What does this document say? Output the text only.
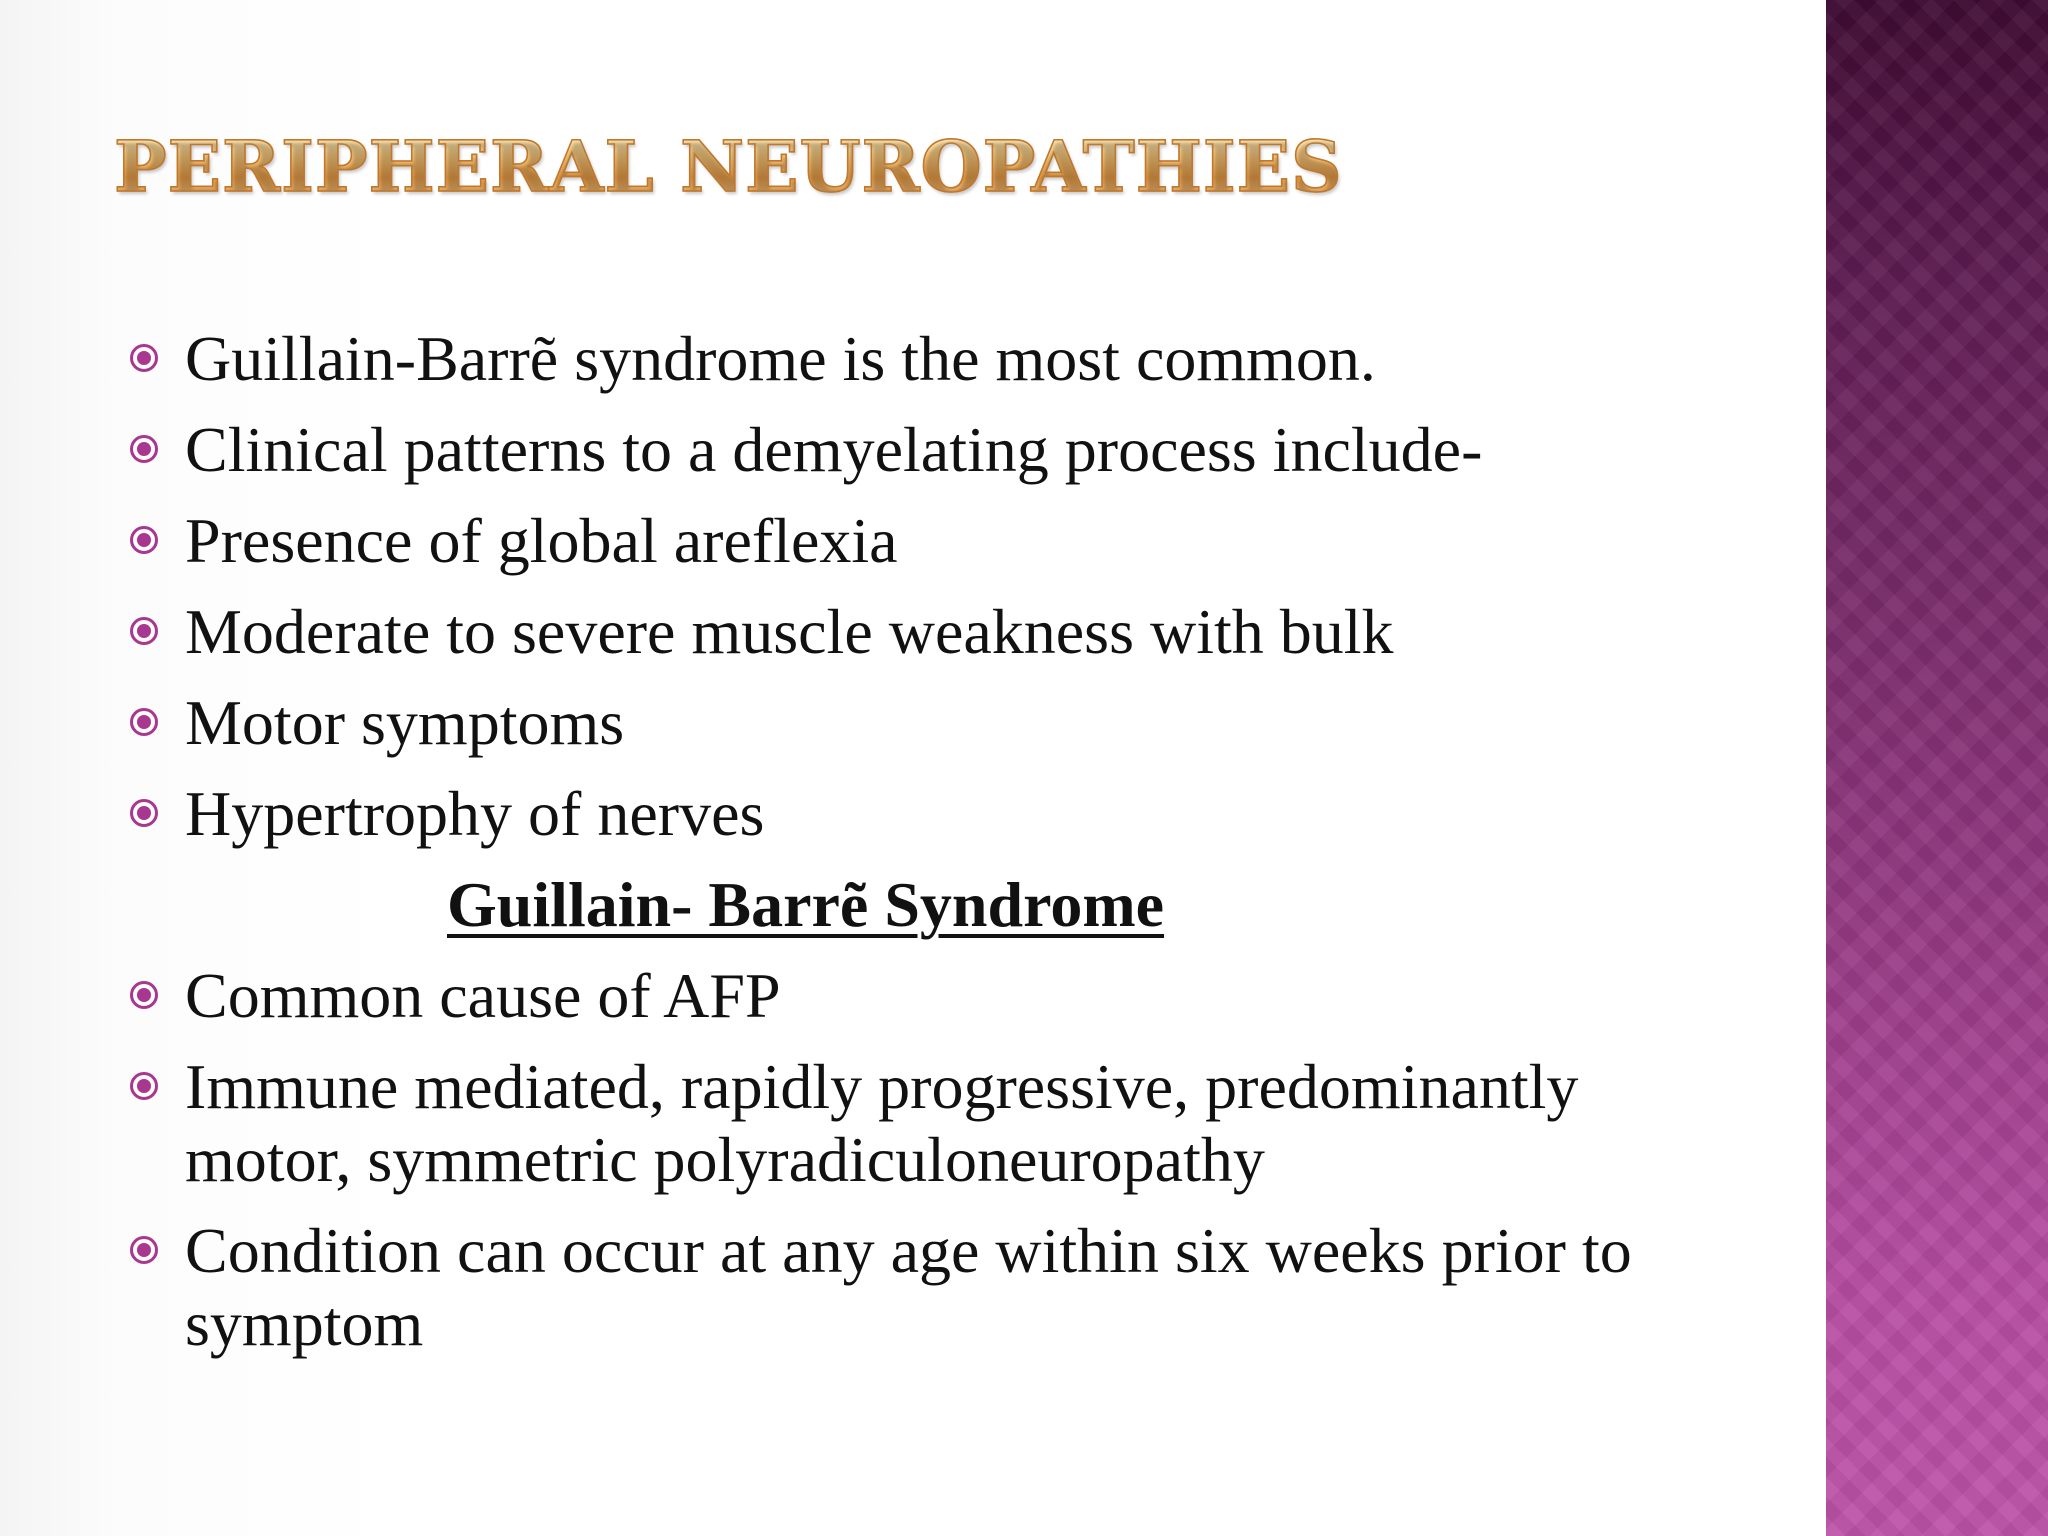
PERIPHERAL NEUROPATHIES
Guillain-Barrẽ syndrome is the most common.
Clinical patterns to a demyelating process include-
Presence of global areflexia
Moderate to severe muscle weakness with bulk
Motor symptoms
Hypertrophy of nerves
Guillain- Barrẽ Syndrome
Common cause of AFP
Immune mediated, rapidly progressive, predominantly motor, symmetric polyradiculoneuropathy
Condition can occur at any age within six weeks prior to symptom
